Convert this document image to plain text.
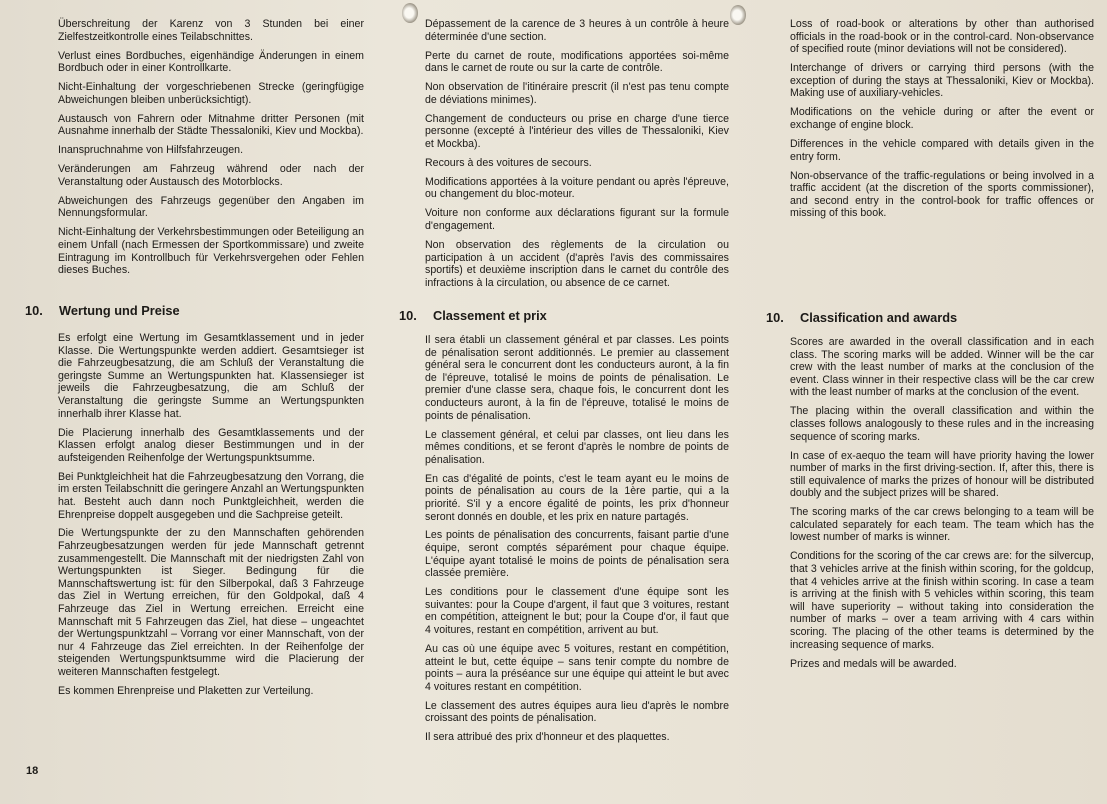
Überschreitung der Karenz von 3 Stunden bei einer Zielfestzeitkontrolle eines Teilabschnittes.

Verlust eines Bordbuches, eigenhändige Änderungen in einem Bordbuch oder in einer Kontrollkarte.

Nicht-Einhaltung der vorgeschriebenen Strecke (geringfügige Abweichungen bleiben unberücksichtigt).

Austausch von Fahrern oder Mitnahme dritter Personen (mit Ausnahme innerhalb der Städte Thessaloniki, Kiev und Mockba).

Inanspruchnahme von Hilfsfahrzeugen.

Veränderungen am Fahrzeug während oder nach der Veranstaltung oder Austausch des Motorblocks.

Abweichungen des Fahrzeugs gegenüber den Angaben im Nennungsformular.

Nicht-Einhaltung der Verkehrsbestimmungen oder Beteiligung an einem Unfall (nach Ermessen der Sportkommissare) und zweite Eintragung im Kontrollbuch für Verkehrsvergehen oder Fehlen dieses Buches.

10. Wertung und Preise

Es erfolgt eine Wertung im Gesamtklassement und in jeder Klasse. Die Wertungspunkte werden addiert. Gesamtsieger ist die Fahrzeugbesatzung, die am Schluß der Veranstaltung die geringste Summe an Wertungspunkten hat. Klassensieger ist jeweils die Fahrzeugbesatzung, die am Schluß der Veranstaltung die geringste Summe an Wertungspunkten innerhalb ihrer Klasse hat.

Die Placierung innerhalb des Gesamtklassements und der Klassen erfolgt analog dieser Bestimmungen und in der aufsteigenden Reihenfolge der Wertungspunktsumme.

Bei Punktgleichheit hat die Fahrzeugbesatzung den Vorrang, die im ersten Teilabschnitt die geringere Anzahl an Wertungspunkten hat. Besteht auch dann noch Punktgleichheit, werden die Ehrenpreise doppelt ausgegeben und die Sachpreise geteilt.

Die Wertungspunkte der zu den Mannschaften gehörenden Fahrzeugbesatzungen werden für jede Mannschaft getrennt zusammengestellt. Die Mannschaft mit der niedrigsten Zahl von Wertungspunkten ist Sieger. Bedingung für die Mannschaftswertung ist: für den Silberpokal, daß 3 Fahrzeuge das Ziel in Wertung erreichen, für den Goldpokal, daß 4 Fahrzeuge das Ziel in Wertung erreichen. Erreicht eine Mannschaft mit 5 Fahrzeugen das Ziel, hat diese – ungeachtet der Wertungspunktzahl – Vorrang vor einer Mannschaft, von der nur 4 Fahrzeuge das Ziel erreichten. In der Reihenfolge der steigenden Wertungspunktsumme wird die Placierung der weiteren Mannschaften festgelegt.

Es kommen Ehrenpreise und Plaketten zur Verteilung.

Dépassement de la carence de 3 heures à un contrôle à heure déterminée d'une section.

Perte du carnet de route, modifications apportées soi-même dans le carnet de route ou sur la carte de contrôle.

Non observation de l'itinéraire prescrit (il n'est pas tenu compte de déviations minimes).

Changement de conducteurs ou prise en charge d'une tierce personne (excepté à l'intérieur des villes de Thessaloniki, Kiev et Mockba).

Recours à des voitures de secours.

Modifications apportées à la voiture pendant ou après l'épreuve, ou changement du bloc-moteur.

Voiture non conforme aux déclarations figurant sur la formule d'engagement.

Non observation des règlements de la circulation ou participation à un accident (d'après l'avis des commissaires sportifs) et deuxième inscription dans le carnet du contrôle des infractions à la circulation, ou absence de ce carnet.

10. Classement et prix

Il sera établi un classement général et par classes. Les points de pénalisation seront additionnés. Le premier au classement général sera le concurrent dont les conducteurs auront, à la fin de l'épreuve, totalisé le moins de points de pénalisation. Le premier d'une classe sera, chaque fois, le concurrent dont les conducteurs auront, à la fin de l'épreuve, totalisé le moins de points de pénalisation.

Le classement général, et celui par classes, ont lieu dans les mêmes conditions, et se feront d'après le nombre de points de pénalisation.

En cas d'égalité de points, c'est le team ayant eu le moins de points de pénalisation au cours de la 1ère partie, qui a la priorité. S'il y a encore égalité de points, les prix d'honneur seront donnés en double, et les prix en nature partagés.

Les points de pénalisation des concurrents, faisant partie d'une équipe, seront comptés séparément pour chaque équipe. L'équipe ayant totalisé le moins de points de pénalisation sera classée première.

Les conditions pour le classement d'une équipe sont les suivantes: pour la Coupe d'argent, il faut que 3 voitures, restant en compétition, atteignent le but; pour la Coupe d'or, il faut que 4 voitures, restant en compétition, arrivent au but.

Au cas où une équipe avec 5 voitures, restant en compétition, atteint le but, cette équipe – sans tenir compte du nombre de points – aura la préséance sur une équipe qui atteint le but avec 4 voitures restant en compétition.

Le classement des autres équipes aura lieu d'après le nombre croissant des points de pénalisation.

Il sera attribué des prix d'honneur et des plaquettes.

Loss of road-book or alterations by other than authorised officials in the road-book or in the control-card. Non-observance of specified route (minor deviations will not be considered).

Interchange of drivers or carrying third persons (with the exception of during the stays at Thessaloniki, Kiev or Mockba). Making use of auxiliary-vehicles.

Modifications on the vehicle during or after the event or exchange of engine block.

Differences in the vehicle compared with details given in the entry form.

Non-observance of the traffic-regulations or being involved in a traffic accident (at the discretion of the sports commissioner), and second entry in the control-book for traffic offences or missing of this book.

10. Classification and awards

Scores are awarded in the overall classification and in each class. The scoring marks will be added. Winner will be the car crew with the least number of marks at the conclusion of the event. Class winner in their respective class will be the car crew with the least number of marks at the conclusion of the event.

The placing within the overall classification and within the classes follows analogously to these rules and in the increasing sequence of scoring marks.

In case of ex-aequo the team will have priority having the lower number of marks in the first driving-section. If, after this, there is still equivalence of marks the prizes of honour will be distributed doubly and the subject prizes will be shared.

The scoring marks of the car crews belonging to a team will be calculated separately for each team. The team which has the lowest number of marks is winner.

Conditions for the scoring of the car crews are: for the silvercup, that 3 vehicles arrive at the finish within scoring, for the goldcup, that 4 vehicles arrive at the finish within scoring. In case a team is arriving at the finish with 5 vehicles within scoring, this team will have superiority – without taking into consideration the number of marks – over a team arriving with 4 cars within scoring. The placing of the other teams is determined by the increasing sequence of marks.

Prizes and medals will be awarded.

18
